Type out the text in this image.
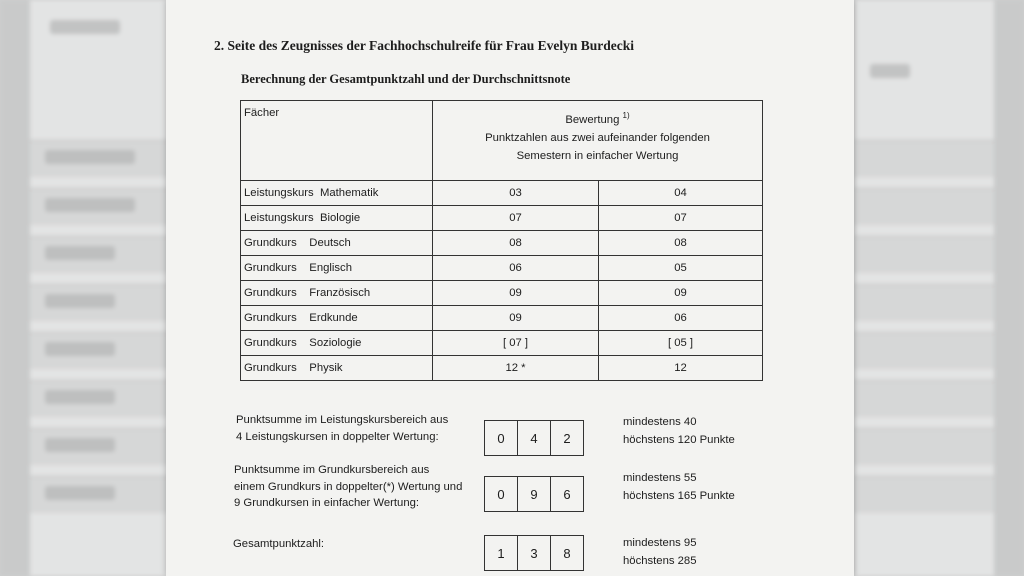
2. Seite des Zeugnisses der Fachhochschulreife für Frau Evelyn Burdecki
Berechnung der Gesamtpunktzahl und der Durchschnittsnote
Fächer	Bewertung $^{1)}$
Punktzahlen aus zwei aufeinander folgenden
Semestern in einfacher Wertung	
Leistungskurs  Mathematik	03	04
Leistungskurs  Biologie	07	07
Grundkurs    Deutsch	08	08
Grundkurs    Englisch	06	05
Grundkurs    Französisch	09	09
Grundkurs    Erdkunde	09	06
Grundkurs    Soziologie	[ 07 ]	[ 05 ]
Grundkurs    Physik	12 *	12
Punktsumme im Leistungskursbereich aus
4 Leistungskursen in doppelter Wertung:	0	4	2
mindestens 40
höchstens 120 Punkte
Punktsumme im Grundkursbereich aus
einem Grundkurs in doppelter(*) Wertung und
9 Grundkursen in einfacher Wertung:
0	9	6
mindestens 55
höchstens 165 Punkte
Gesamtpunktzahl:
1	3	8
mindestens 95
höchstens 285
